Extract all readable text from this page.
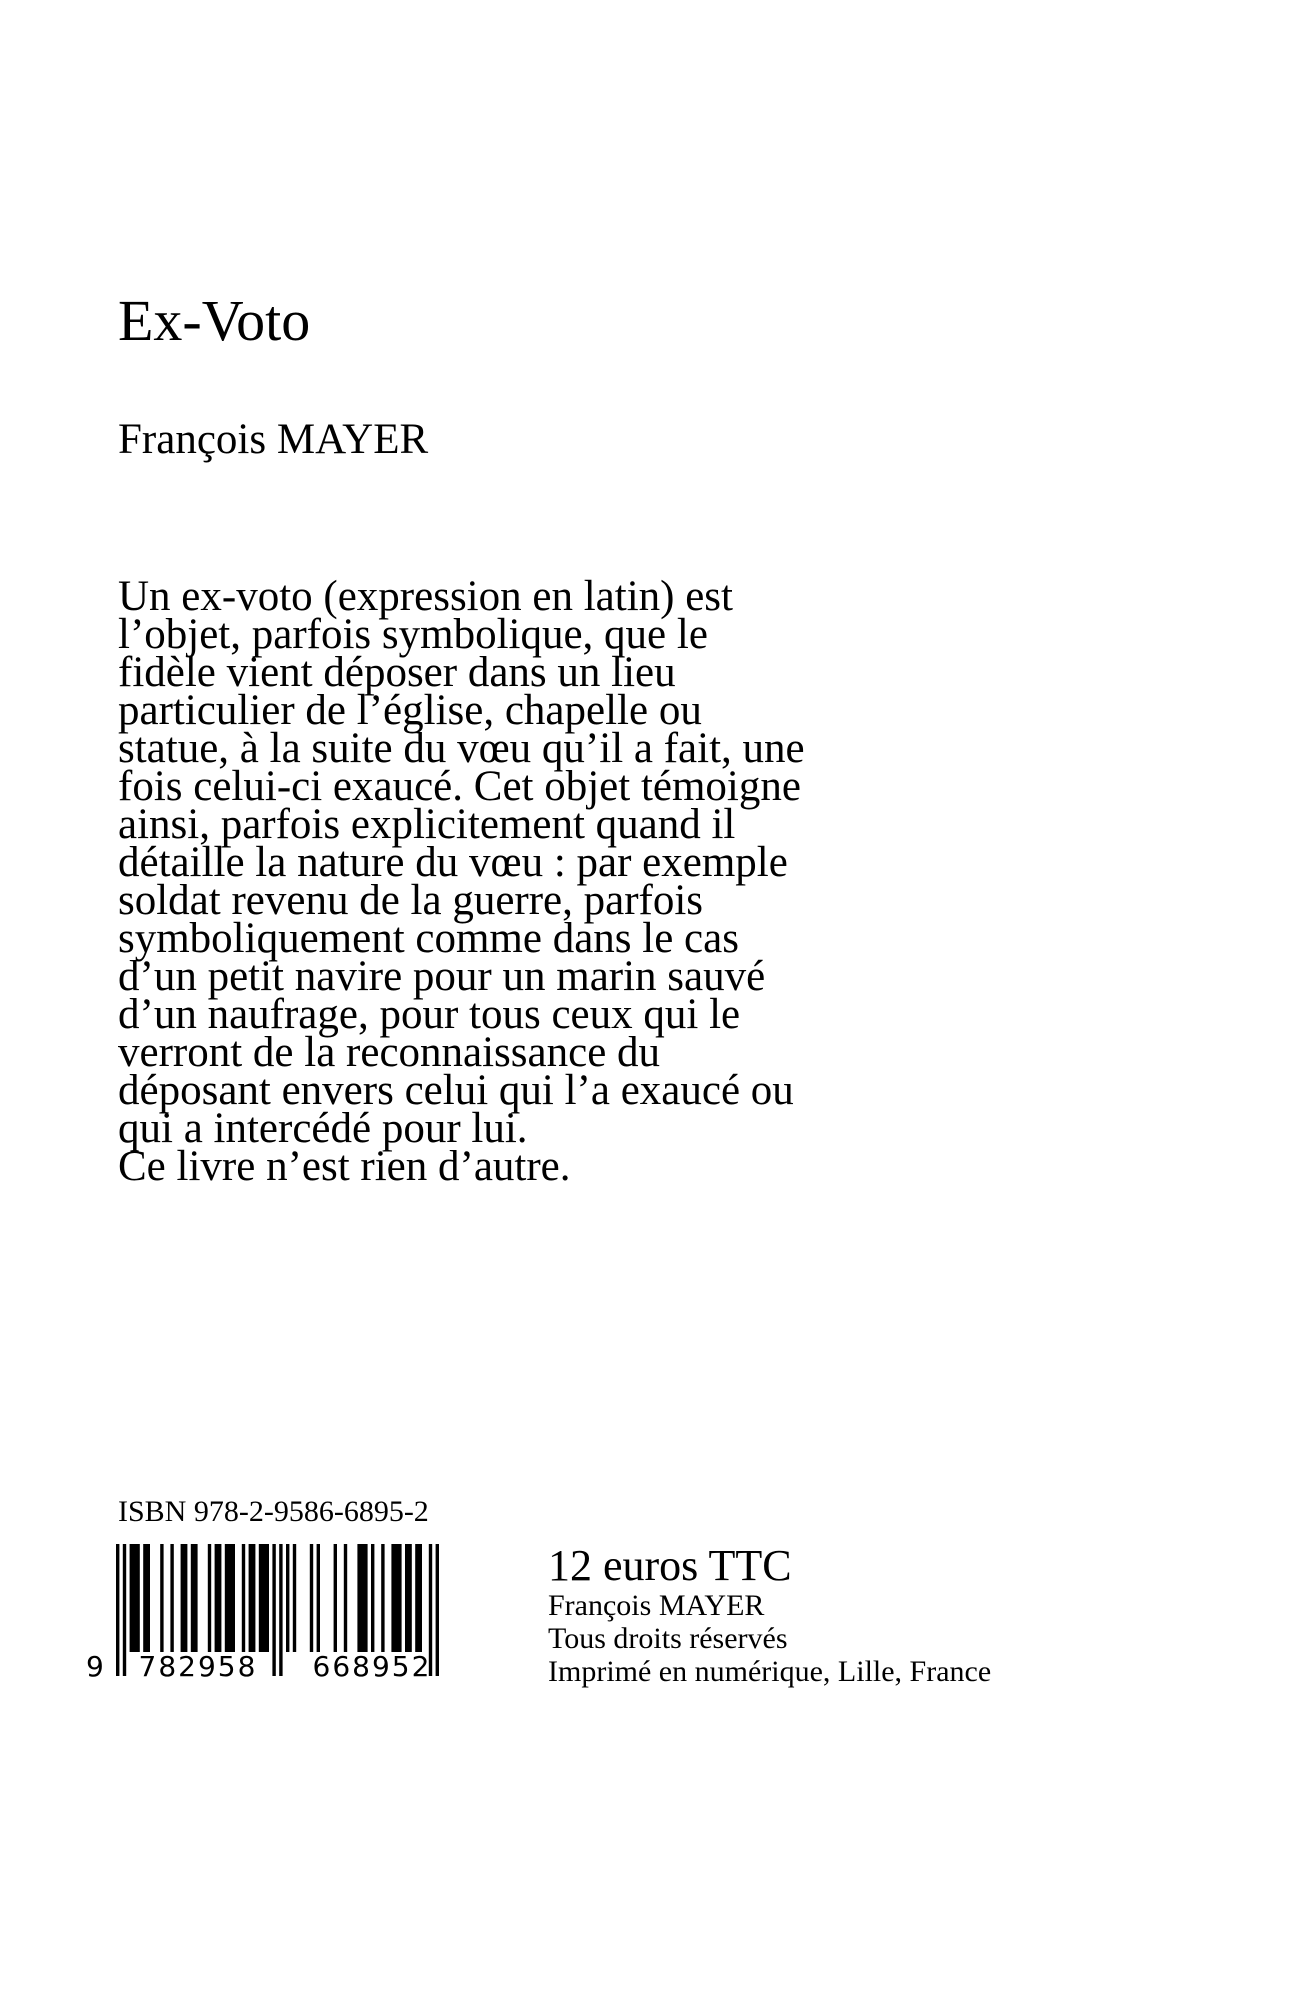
Ex-Voto

François MAYER

Un ex-voto (expression en latin) est
l’objet, parfois symbolique, que le
fidèle vient déposer dans un lieu
particulier de l’église, chapelle ou
statue, à la suite du vœu qu’il a fait, une
fois celui-ci exaucé. Cet objet témoigne
ainsi, parfois explicitement quand il
détaille la nature du vœu : par exemple
soldat revenu de la guerre, parfois
symboliquement comme dans le cas
d’un petit navire pour un marin sauvé
d’un naufrage, pour tous ceux qui le
verront de la reconnaissance du
déposant envers celui qui l’a exaucé ou
qui a intercédé pour lui.
Ce livre n’est rien d’autre.

ISBN 978-2-9586-6895-2

9 782958 668952
12 euros TTC
François MAYER
Tous droits réservés
Imprimé en numérique, Lille, France
